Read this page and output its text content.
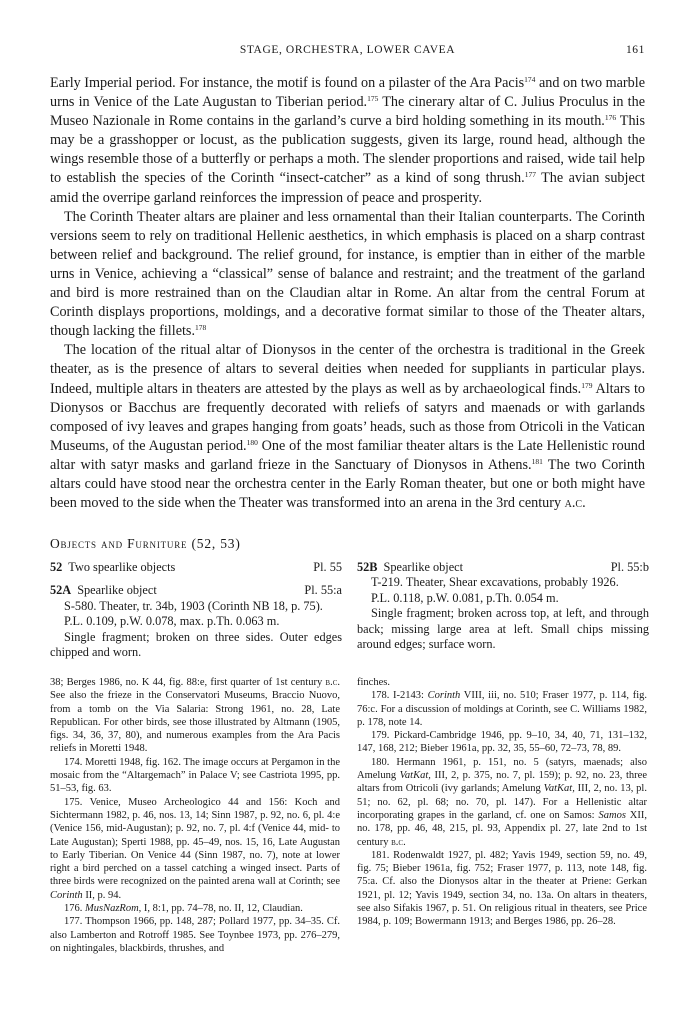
STAGE, ORCHESTRA, LOWER CAVEA	161

Early Imperial period. For instance, the motif is found on a pilaster of the Ara Pacis$^{174}$ and on two marble urns in Venice of the Late Augustan to Tiberian period.$^{175}$ The cinerary altar of C. Julius Proculus in the Museo Nazionale in Rome contains in the garland’s curve a bird holding something in its mouth.$^{176}$ This may be a grasshopper or locust, as the publication suggests, given its large, round head, although the wings resemble those of a butterfly or perhaps a moth. The slender proportions and raised, wide tail help to establish the species of the Corinth “insect-catcher” as a kind of song thrush.$^{177}$ The avian subject amid the overripe garland reinforces the impression of peace and prosperity.

The Corinth Theater altars are plainer and less ornamental than their Italian counterparts. The Corinth versions seem to rely on traditional Hellenic aesthetics, in which emphasis is placed on a sharp contrast between relief and background. The relief ground, for instance, is emptier than in either of the marble urns in Venice, achieving a “classical” sense of balance and restraint; and the treatment of the garland and bird is more restrained than on the Claudian altar in Rome. An altar from the central Forum at Corinth displays proportions, moldings, and a decorative format similar to those of the Theater altars, though lacking the fillets.$^{178}$

The location of the ritual altar of Dionysos in the center of the orchestra is traditional in the Greek theater, as is the presence of altars to several deities when needed for suppliants in particular plays. Indeed, multiple altars in theaters are attested by the plays as well as by archaeological finds.$^{179}$ Altars to Dionysos or Bacchus are frequently decorated with reliefs of satyrs and maenads or with garlands composed of ivy leaves and grapes hanging from goats’ heads, such as those from Otricoli in the Vatican Museums, of the Augustan period.$^{180}$ One of the most familiar theater altars is the Late Hellenistic round altar with satyr masks and garland frieze in the Sanctuary of Dionysos in Athens.$^{181}$ The two Corinth altars could have stood near the orchestra center in the Early Roman theater, but one or both might have been moved to the side when the Theater was transformed into an arena in the 3rd century a.c.

Objects and Furniture (52, 53)
52 Two spearlike objects	Pl. 55
52A Spearlike object	Pl. 55:a
S-580. Theater, tr. 34b, 1903 (Corinth NB 18, p. 75).
P.L. 0.109, p.W. 0.078, max. p.Th. 0.063 m.
Single fragment; broken on three sides. Outer edges chipped and worn.
52B Spearlike object	Pl. 55:b
T-219. Theater, Shear excavations, probably 1926.
P.L. 0.118, p.W. 0.081, p.Th. 0.054 m.
Single fragment; broken across top, at left, and through back; missing large area at left. Small chips missing around edges; surface worn.

38; Berges 1986, no. K 44, fig. 88:e, first quarter of 1st century b.c. See also the frieze in the Conservatori Museums, Braccio Nuovo, from a tomb on the Via Salaria: Strong 1961, no. 28, Late Republican. For other birds, see those illustrated by Altmann (1905, figs. 34, 36, 37, 80), and numerous examples from the Ara Pacis reliefs in Moretti 1948.

174. Moretti 1948, fig. 162. The image occurs at Pergamon in the mosaic from the “Altargemach” in Palace V; see Castriota 1995, pp. 51–53, fig. 63.

175. Venice, Museo Archeologico 44 and 156: Koch and Sichtermann 1982, p. 46, nos. 13, 14; Sinn 1987, p. 92, no. 6, pl. 4:e (Venice 156, mid-Augustan); p. 92, no. 7, pl. 4:f (Venice 44, mid- to Late Augustan); Sperti 1988, pp. 45–49, nos. 15, 16, Late Augustan to Early Tiberian. On Venice 44 (Sinn 1987, no. 7), note at lower right a bird perched on a tassel catching a winged insect. Parts of three birds were recognized on the painted arena wall at Corinth; see Corinth II, p. 94.

176. MusNazRom, I, 8:1, pp. 74–78, no. II, 12, Claudian.

177. Thompson 1966, pp. 148, 287; Pollard 1977, pp. 34–35. Cf. also Lamberton and Rotroff 1985. See Toynbee 1973, pp. 276–279, on nightingales, blackbirds, thrushes, and

finches.

178. I-2143: Corinth VIII, iii, no. 510; Fraser 1977, p. 114, fig. 76:c. For a discussion of moldings at Corinth, see C. Williams 1982, p. 178, note 14.

179. Pickard-Cambridge 1946, pp. 9–10, 34, 40, 71, 131–132, 147, 168, 212; Bieber 1961a, pp. 32, 35, 55–60, 72–73, 78, 89.

180. Hermann 1961, p. 151, no. 5 (satyrs, maenads; also Amelung VatKat, III, 2, p. 375, no. 7, pl. 159); p. 92, no. 23, three altars from Otricoli (ivy garlands; Amelung VatKat, III, 2, no. 13, pl. 51; no. 62, pl. 68; no. 70, pl. 147). For a Hellenistic altar incorporating grapes in the garland, cf. one on Samos: Samos XII, no. 178, pp. 46, 48, 215, pl. 93, Appendix pl. 27, late 2nd to 1st century b.c.

181. Rodenwaldt 1927, pl. 482; Yavis 1949, section 59, no. 49, fig. 75; Bieber 1961a, fig. 752; Fraser 1977, p. 113, note 148, fig. 75:a. Cf. also the Dionysos altar in the theater at Priene: Gerkan 1921, pl. 12; Yavis 1949, section 34, no. 13a. On altars in theaters, see also Sifakis 1967, p. 51. On religious ritual in theaters, see Price 1984, p. 109; Bowermann 1913; and Berges 1986, pp. 26–28.
